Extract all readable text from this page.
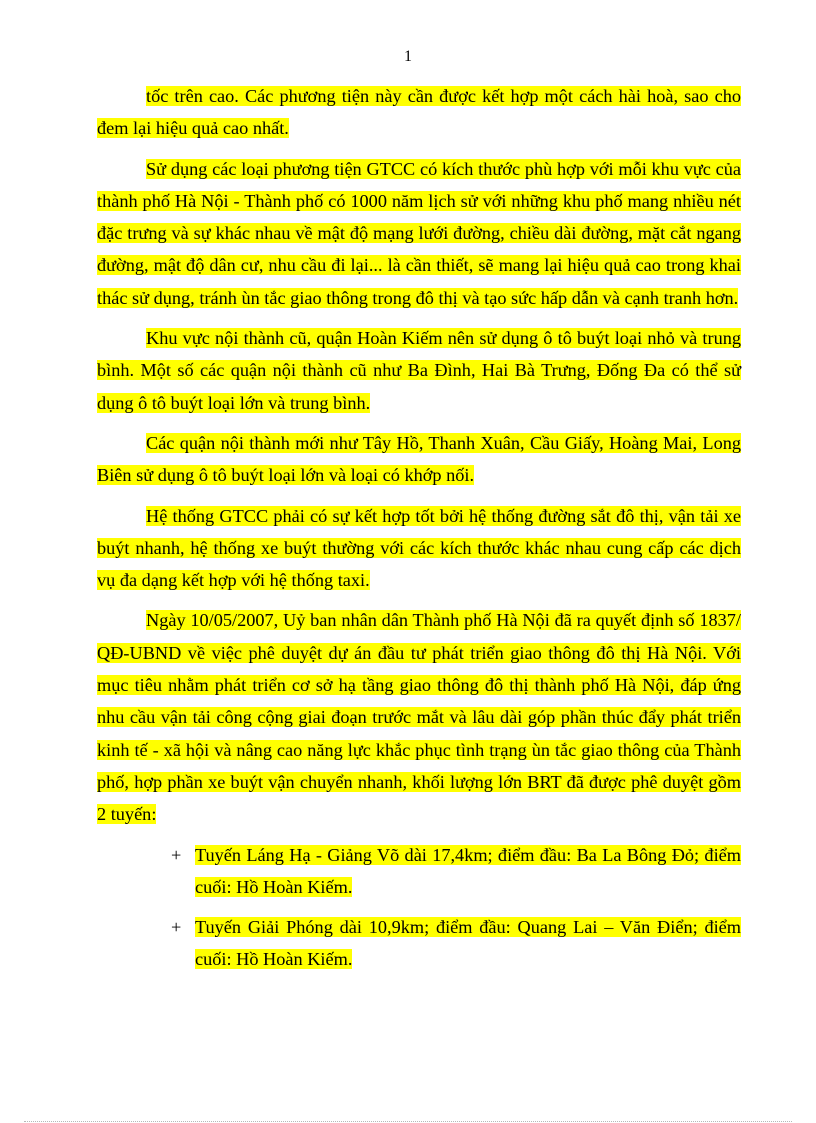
1

tốc trên cao. Các phương tiện này cần được kết hợp một cách hài hoà, sao cho đem lại hiệu quả cao nhất.

Sử dụng các loại phương tiện GTCC có kích thước phù hợp với mỗi khu vực của thành phố Hà Nội - Thành phố có 1000 năm lịch sử với những khu phố mang nhiều nét đặc trưng và sự khác nhau về mật độ mạng lưới đường, chiều dài đường, mặt cắt ngang đường, mật độ dân cư, nhu cầu đi lại... là cần thiết, sẽ mang lại hiệu quả cao trong khai thác sử dụng, tránh ùn tắc giao thông trong đô thị và tạo sức hấp dẫn và cạnh tranh hơn.

Khu vực nội thành cũ, quận Hoàn Kiếm nên sử dụng ô tô buýt loại nhỏ và trung bình. Một số các quận nội thành cũ như Ba Đình, Hai Bà Trưng, Đống Đa có thể sử dụng ô tô buýt loại lớn và trung bình.

Các quận nội thành mới như Tây Hồ, Thanh Xuân, Cầu Giấy, Hoàng Mai, Long Biên sử dụng ô tô buýt loại lớn và loại có khớp nối.

Hệ thống GTCC phải có sự kết hợp tốt bởi hệ thống đường sắt đô thị, vận tải xe buýt nhanh, hệ thống xe buýt thường với các kích thước khác nhau cung cấp các dịch vụ đa dạng kết hợp với hệ thống taxi.

Ngày 10/05/2007, Uỷ ban nhân dân Thành phố Hà Nội đã ra quyết định số 1837/ QĐ-UBND về việc phê duyệt dự án đầu tư phát triển giao thông đô thị Hà Nội. Với mục tiêu nhằm phát triển cơ sở hạ tầng giao thông đô thị thành phố Hà Nội, đáp ứng nhu cầu vận tải công cộng giai đoạn trước mắt và lâu dài góp phần thúc đẩy phát triển kinh tế - xã hội và nâng cao năng lực khắc phục tình trạng ùn tắc giao thông của Thành phố, hợp phần xe buýt vận chuyển nhanh, khối lượng lớn BRT đã được phê duyệt gồm 2 tuyến:

+ Tuyến Láng Hạ - Giảng Võ dài 17,4km; điểm đầu: Ba La Bông Đỏ; điểm cuối: Hồ Hoàn Kiếm.
+ Tuyến Giải Phóng dài 10,9km; điểm đầu: Quang Lai – Văn Điển; điểm cuối: Hồ Hoàn Kiếm.
